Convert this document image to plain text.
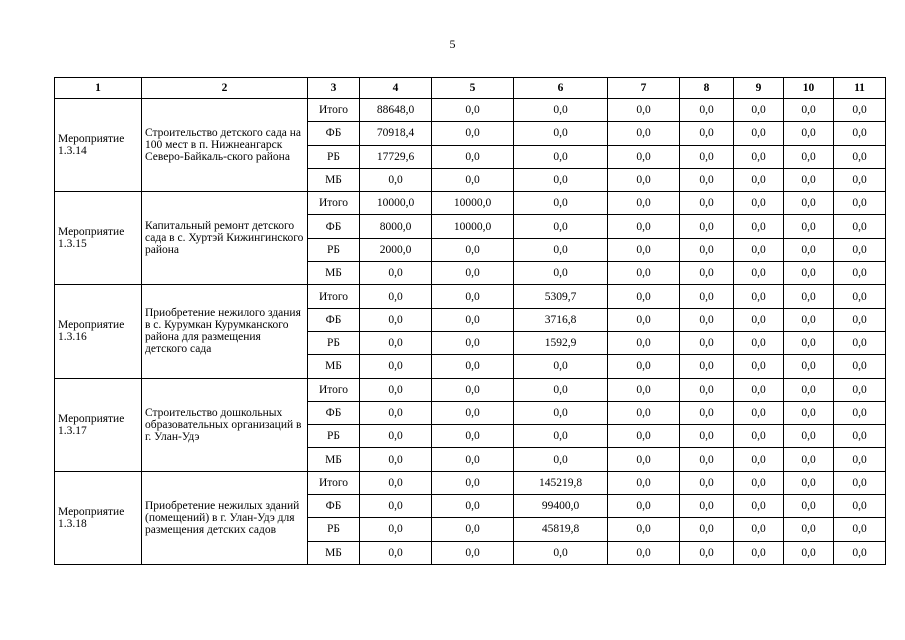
5
1	2	3	4	5	6	7	8	9	10	11
Мероприятие 1.3.14	Строительство детского сада на 100 мест в п. Нижнеангарск Северо-Байкаль-ского района	Итого	88648,0	0,0	0,0	0,0	0,0	0,0	0,0	0,0
		ФБ	70918,4	0,0	0,0	0,0	0,0	0,0	0,0	0,0
		РБ	17729,6	0,0	0,0	0,0	0,0	0,0	0,0	0,0
		МБ	0,0	0,0	0,0	0,0	0,0	0,0	0,0	0,0
Мероприятие 1.3.15	Капитальный ремонт детского сада в с. Хуртэй Кижингинского района	Итого	10000,0	10000,0	0,0	0,0	0,0	0,0	0,0	0,0
		ФБ	8000,0	10000,0	0,0	0,0	0,0	0,0	0,0	0,0
		РБ	2000,0	0,0	0,0	0,0	0,0	0,0	0,0	0,0
		МБ	0,0	0,0	0,0	0,0	0,0	0,0	0,0	0,0
Мероприятие 1.3.16	Приобретение нежилого здания в с. Курумкан Курумканского района для размещения детского сада	Итого	0,0	0,0	5309,7	0,0	0,0	0,0	0,0	0,0
		ФБ	0,0	0,0	3716,8	0,0	0,0	0,0	0,0	0,0
		РБ	0,0	0,0	1592,9	0,0	0,0	0,0	0,0	0,0
		МБ	0,0	0,0	0,0	0,0	0,0	0,0	0,0	0,0
Мероприятие 1.3.17	Строительство дошкольных образовательных организаций в г. Улан-Удэ	Итого	0,0	0,0	0,0	0,0	0,0	0,0	0,0	0,0
		ФБ	0,0	0,0	0,0	0,0	0,0	0,0	0,0	0,0
		РБ	0,0	0,0	0,0	0,0	0,0	0,0	0,0	0,0
		МБ	0,0	0,0	0,0	0,0	0,0	0,0	0,0	0,0
Мероприятие 1.3.18	Приобретение нежилых зданий (помещений) в г. Улан-Удэ для размещения детских садов	Итого	0,0	0,0	145219,8	0,0	0,0	0,0	0,0	0,0
		ФБ	0,0	0,0	99400,0	0,0	0,0	0,0	0,0	0,0
		РБ	0,0	0,0	45819,8	0,0	0,0	0,0	0,0	0,0
		МБ	0,0	0,0	0,0	0,0	0,0	0,0	0,0	0,0
